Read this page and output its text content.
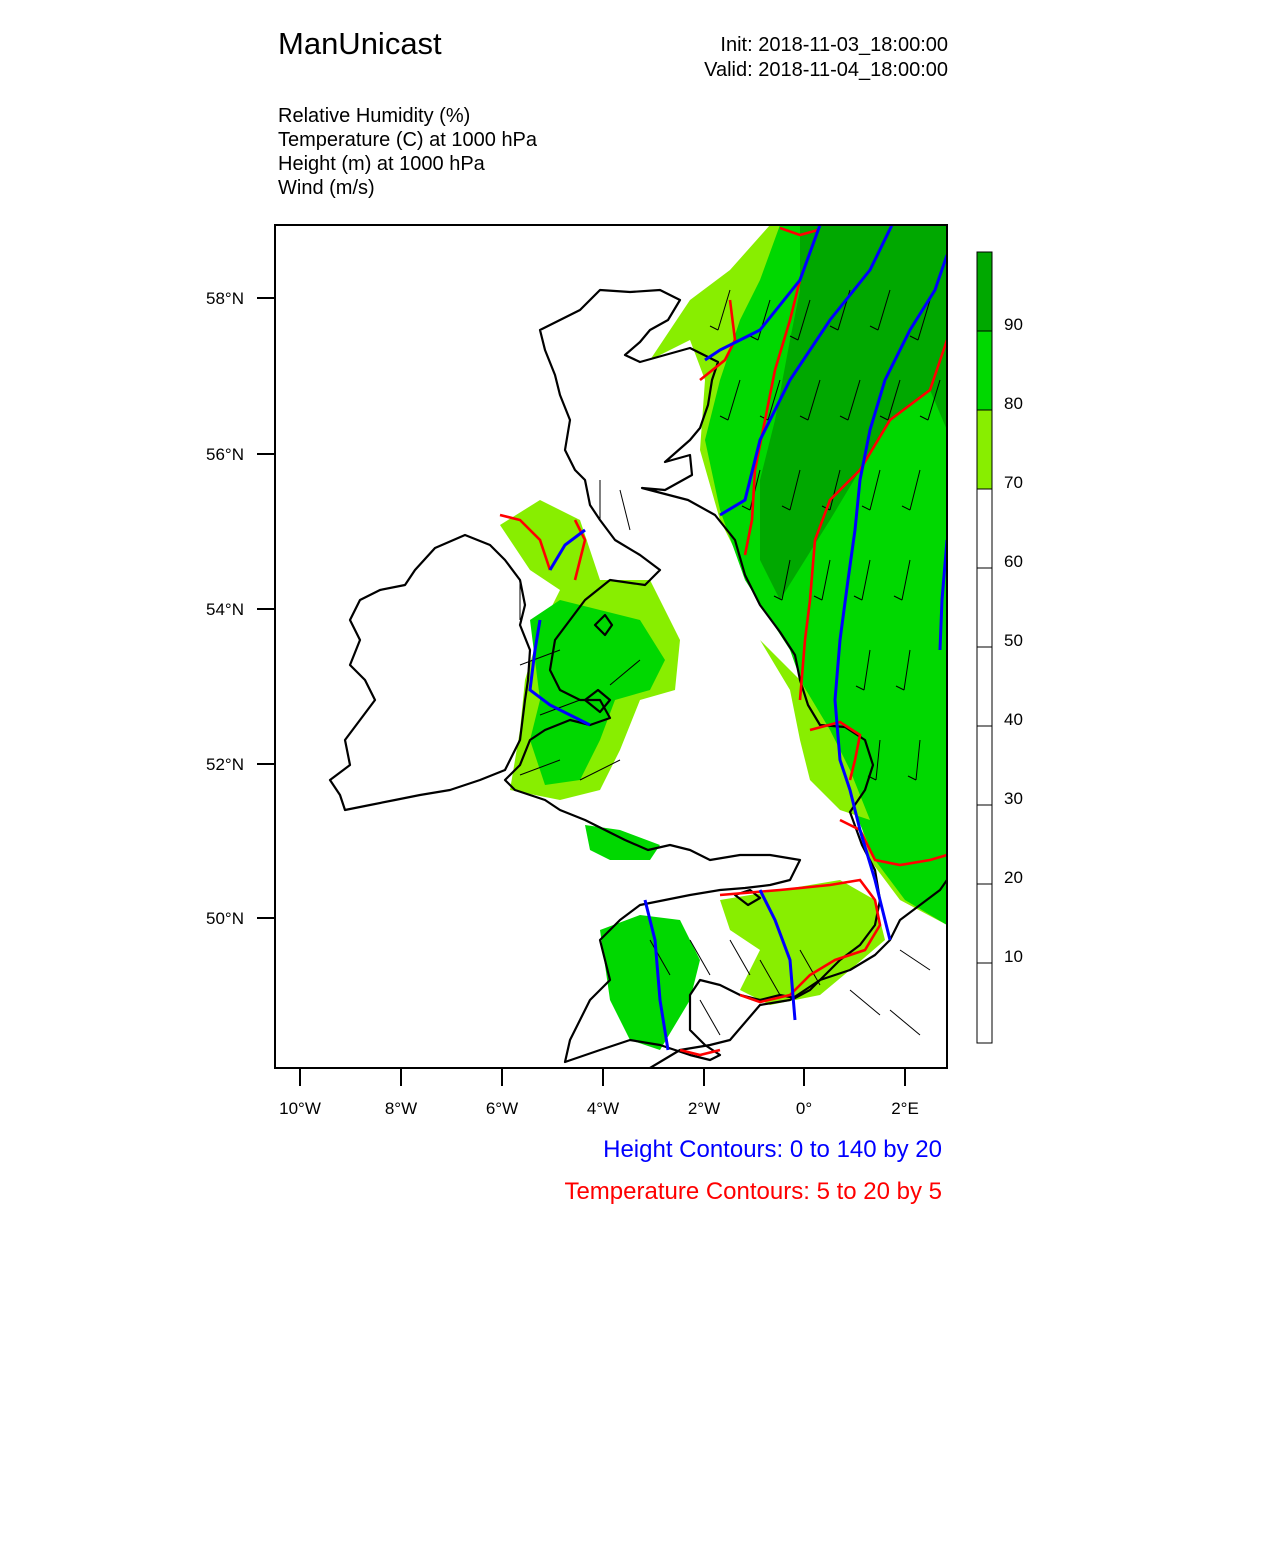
ManUnicast	Init: 2018-11-03_18:00:00
Valid: 2018-11-04_18:00:00
Relative Humidity (%)
Temperature (C) at 1000 hPa
Height (m) at 1000 hPa
Wind (m/s)
58°N
56°N
54°N
52°N
50°N
10°W	8°W	6°W	4°W	2°W	0°	2°E
90
80
70
60
50
40
30
20
10
Height Contours: 0 to 140 by 20
Temperature Contours: 5 to 20 by 5
